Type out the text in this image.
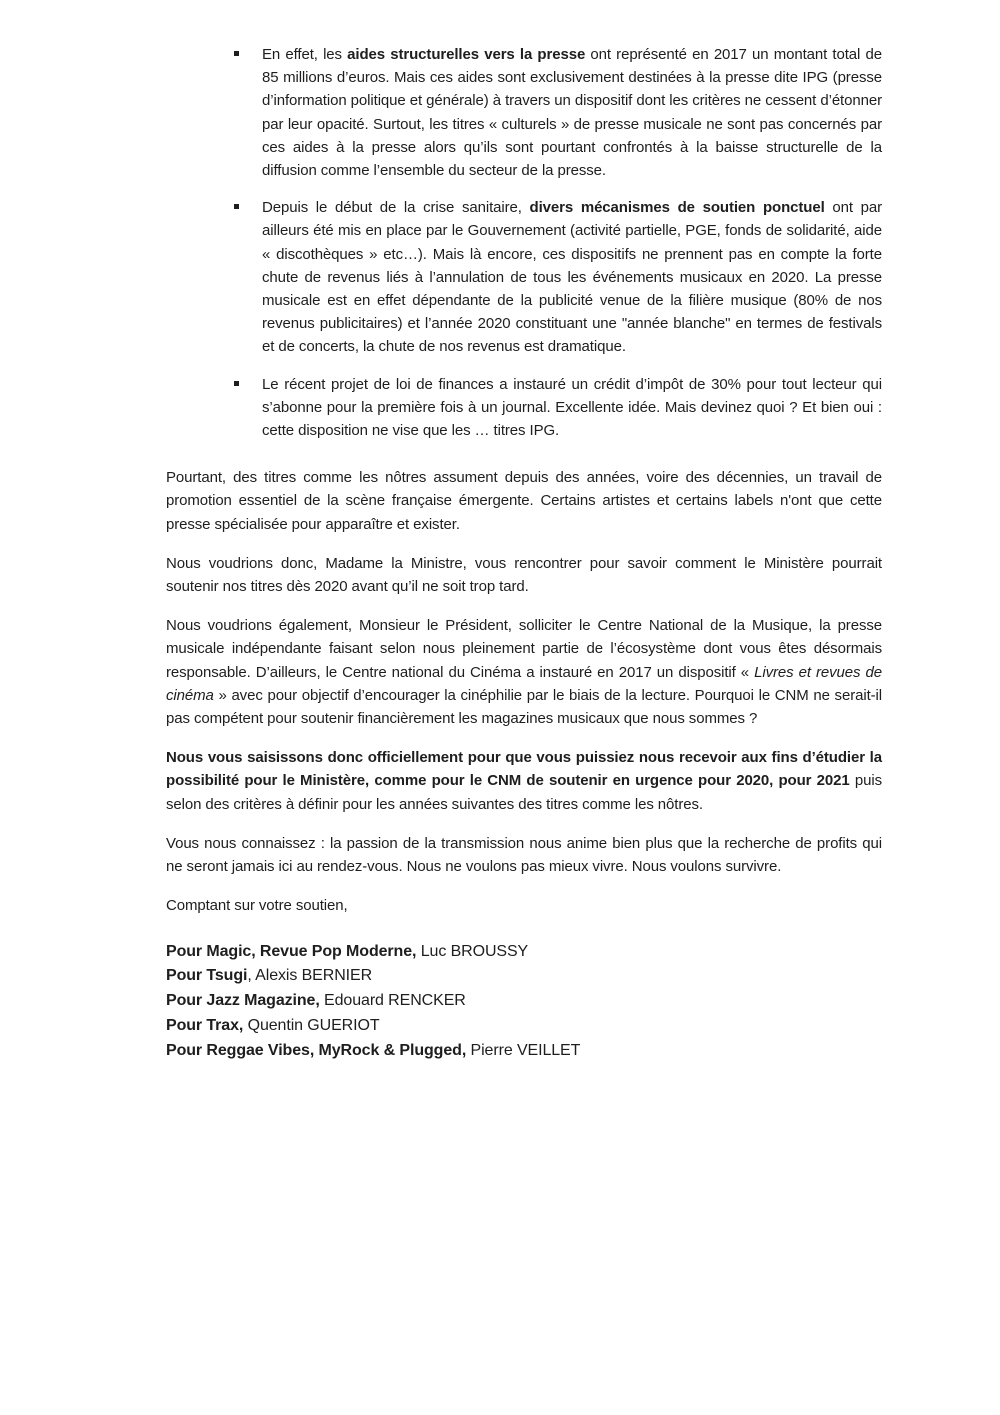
En effet, les aides structurelles vers la presse ont représenté en 2017 un montant total de 85 millions d’euros. Mais ces aides sont exclusivement destinées à la presse dite IPG (presse d’information politique et générale) à travers un dispositif dont les critères ne cessent d’étonner par leur opacité. Surtout, les titres « culturels » de presse musicale ne sont pas concernés par ces aides à la presse alors qu’ils sont pourtant confrontés à la baisse structurelle de la diffusion comme l’ensemble du secteur de la presse.
Depuis le début de la crise sanitaire, divers mécanismes de soutien ponctuel ont par ailleurs été mis en place par le Gouvernement (activité partielle, PGE, fonds de solidarité, aide « discothèques » etc…). Mais là encore, ces dispositifs ne prennent pas en compte la forte chute de revenus liés à l’annulation de tous les événements musicaux en 2020. La presse musicale est en effet dépendante de la publicité venue de la filière musique (80% de nos revenus publicitaires) et l’année 2020 constituant une "année blanche" en termes de festivals et de concerts, la chute de nos revenus est dramatique.
Le récent projet de loi de finances a instauré un crédit d’impôt de 30% pour tout lecteur qui s’abonne pour la première fois à un journal. Excellente idée. Mais devinez quoi ? Et bien oui : cette disposition ne vise que les … titres IPG.

Pourtant, des titres comme les nôtres assument depuis des années, voire des décennies, un travail de promotion essentiel de la scène française émergente. Certains artistes et certains labels n'ont que cette presse spécialisée pour apparaître et exister.

Nous voudrions donc, Madame la Ministre, vous rencontrer pour savoir comment le Ministère pourrait soutenir nos titres dès 2020 avant qu’il ne soit trop tard.

Nous voudrions également, Monsieur le Président, solliciter le Centre National de la Musique, la presse musicale indépendante faisant selon nous pleinement partie de l’écosystème dont vous êtes désormais responsable. D’ailleurs, le Centre national du Cinéma a instauré en 2017 un dispositif « Livres et revues de cinéma » avec pour objectif d’encourager la cinéphilie par le biais de la lecture. Pourquoi le CNM ne serait-il pas compétent pour soutenir financièrement les magazines musicaux que nous sommes ?

Nous vous saisissons donc officiellement pour que vous puissiez nous recevoir aux fins d’étudier la possibilité pour le Ministère, comme pour le CNM de soutenir en urgence pour 2020, pour 2021 puis selon des critères à définir pour les années suivantes des titres comme les nôtres.

Vous nous connaissez : la passion de la transmission nous anime bien plus que la recherche de profits qui ne seront jamais ici au rendez-vous. Nous ne voulons pas mieux vivre. Nous voulons survivre.

Comptant sur votre soutien,

Pour Magic, Revue Pop Moderne, Luc BROUSSY

Pour Tsugi, Alexis BERNIER

Pour Jazz Magazine, Edouard RENCKER

Pour Trax, Quentin GUERIOT

Pour Reggae Vibes, MyRock & Plugged, Pierre VEILLET
